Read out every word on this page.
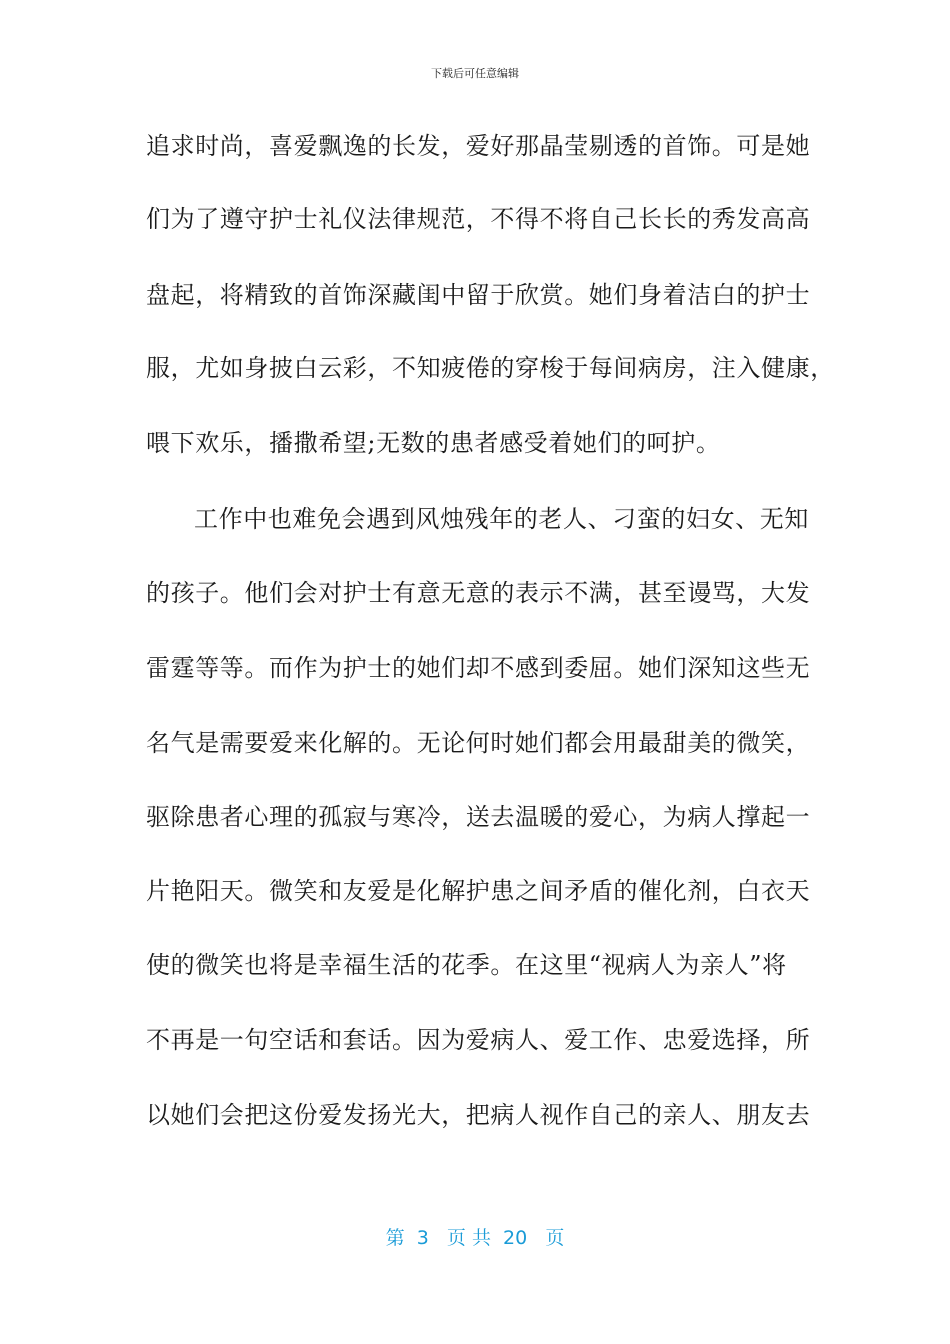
下载后可任意编辑
追求时尚，喜爱飘逸的长发，爱好那晶莹剔透的首饰。可是她
们为了遵守护士礼仪法律规范，不得不将自己长长的秀发高高
盘起，将精致的首饰深藏闺中留于欣赏。她们身着洁白的护士
服，尤如身披白云彩，不知疲倦的穿梭于每间病房，注入健康，
喂下欢乐，播撒希望;无数的患者感受着她们的呵护。
工作中也难免会遇到风烛残年的老人、刁蛮的妇女、无知
的孩子。他们会对护士有意无意的表示不满，甚至谩骂，大发
雷霆等等。而作为护士的她们却不感到委屈。她们深知这些无
名气是需要爱来化解的。无论何时她们都会用最甜美的微笑，
驱除患者心理的孤寂与寒冷，送去温暖的爱心，为病人撑起一
片艳阳天。微笑和友爱是化解护患之间矛盾的催化剂，白衣天
使的微笑也将是幸福生活的花季。在这里“视病人为亲人”将
不再是一句空话和套话。因为爱病人、爱工作、忠爱选择，所
以她们会把这份爱发扬光大，把病人视作自己的亲人、朋友去
第  3   页 共  20   页
